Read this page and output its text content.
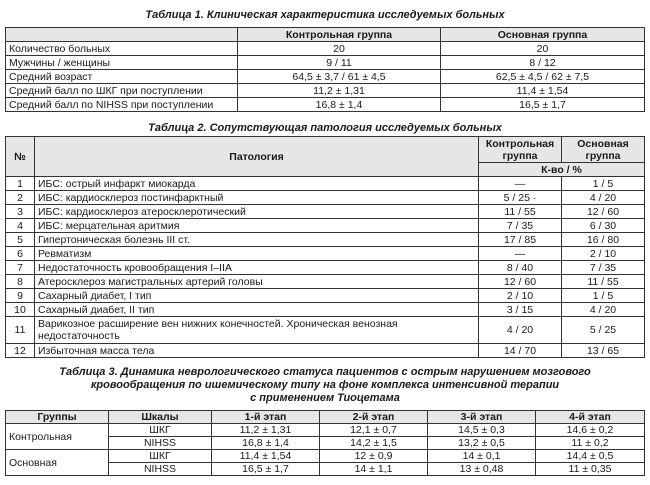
Таблица 1. Клиническая характеристика исследуемых больных
	Контрольная группа	Основная группа
Количество больных	20	20
Мужчины / женщины	9 / 11	8 / 12
Средний возраст	64,5 ± 3,7 / 61 ± 4,5	62,5 ± 4,5 / 62 ± 7,5
Средний балл по ШКГ при поступлении	11,2 ± 1,31	11,4 ± 1,54
Средний балл по NIHSS при поступлении	16,8 ± 1,4	16,5 ± 1,7
Таблица 2. Сопутствующая патология исследуемых больных
№	Патология	Контрольная группа	Основная группа
		К-во / %	
1	ИБС: острый инфаркт миокарда	—	1 / 5
2	ИБС: кардиосклероз постинфарктный	5 / 25 ·	4 / 20
3	ИБС: кардиосклероз атеросклеротический	11 / 55	12 / 60
4	ИБС: мерцательная аритмия	7 / 35	6 / 30
5	Гипертоническая болезнь III ст.	17 / 85	16 / 80
6	Ревматизм	—	2 / 10
7	Недостаточность кровообращения I–IIA	8 / 40	7 / 35
8	Атеросклероз магистральных артерий головы	12 / 60	11 / 55
9	Сахарный диабет, I тип	2 / 10	1 / 5
10	Сахарный диабет, II тип	3 / 15	4 / 20
11	Варикозное расширение вен нижних конечностей. Хроническая венозная недостаточность	4 / 20	5 / 25
12	Избыточная масса тела	14 / 70	13 / 65
Таблица 3. Динамика неврологического статуса пациентов с острым нарушением мозгового
кровообращения по ишемическому типу на фоне комплекса интенсивной терапии
с применением Тиоцетама
Группы	Шкалы	1-й этап	2-й этап	3-й этап	4-й этап
Контрольная	ШКГ	11,2 ± 1,31	12,1 ± 0,7	14,5 ± 0,3	14,6 ± 0,2
	NIHSS	16,8 ± 1,4	14,2 ± 1,5	13,2 ± 0,5	11 ± 0,2
Основная	ШКГ	11,4 ± 1,54	12 ± 0,9	14 ± 0,1	14,4 ± 0,5
	NIHSS	16,5 ± 1,7	14 ± 1,1	13 ± 0,48	11 ± 0,35
